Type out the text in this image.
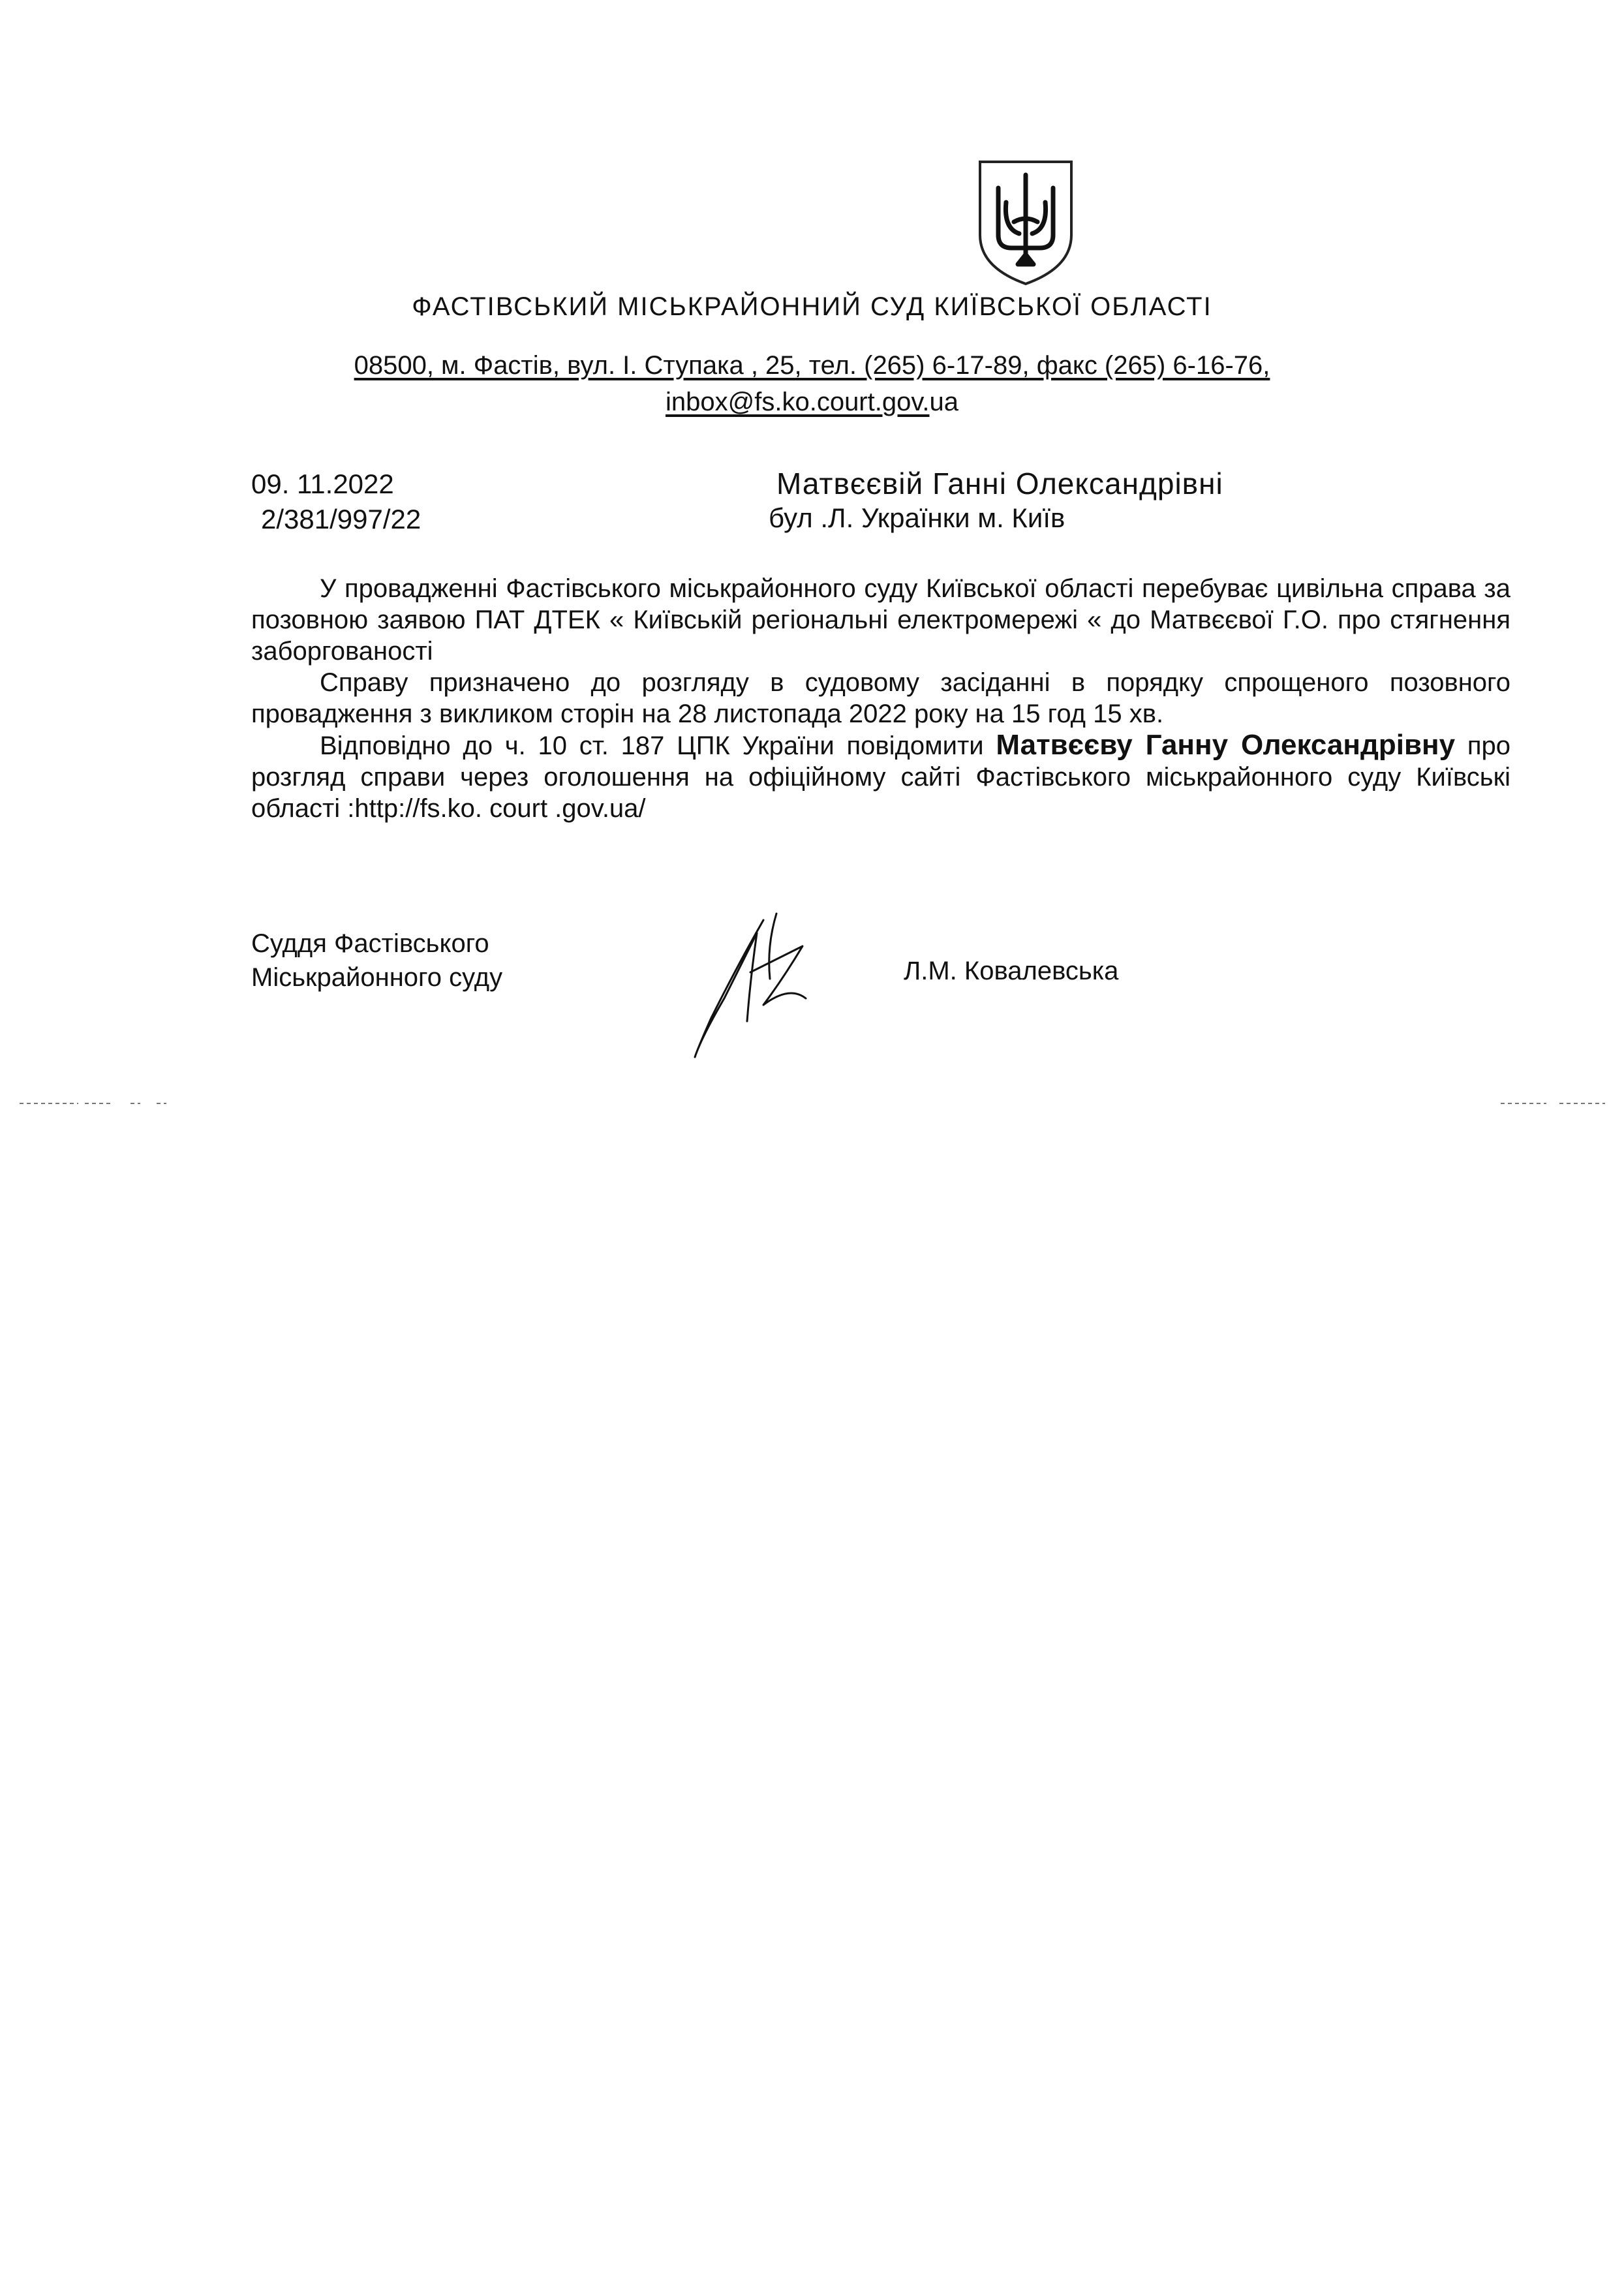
ФАСТІВСЬКИЙ МІСЬКРАЙОННИЙ СУД КИЇВСЬКОЇ ОБЛАСТІ
08500, м. Фастів, вул. І. Ступака , 25, тел. (265) 6-17-89, факс (265) 6-16-76,
inbox@fs.ko.court.gov.ua
09. 11.2022
2/381/997/22
Матвєєвій Ганні Олександрівні
бул .Л. Українки м. Київ

У провадженні Фастівського міськрайонного суду Київської області перебуває цивільна справа за позовною заявою ПАТ ДТЕК « Київській регіональні електромережі « до Матвєєвої Г.О. про стягнення заборгованості

Справу призначено до розгляду в судовому засіданні в порядку спрощеного позовного провадження з викликом сторін на 28 листопада 2022 року на 15 год 15 хв.

Відповідно до ч. 10 ст. 187 ЦПК України повідомити Матвєєву Ганну Олександрівну про розгляд справи через оголошення на офіційному сайті Фастівського міськрайонного суду Київські області :http://fs.ko. court .gov.ua/

Суддя Фастівського
Міськрайонного суду	Л.М. Ковалевська
